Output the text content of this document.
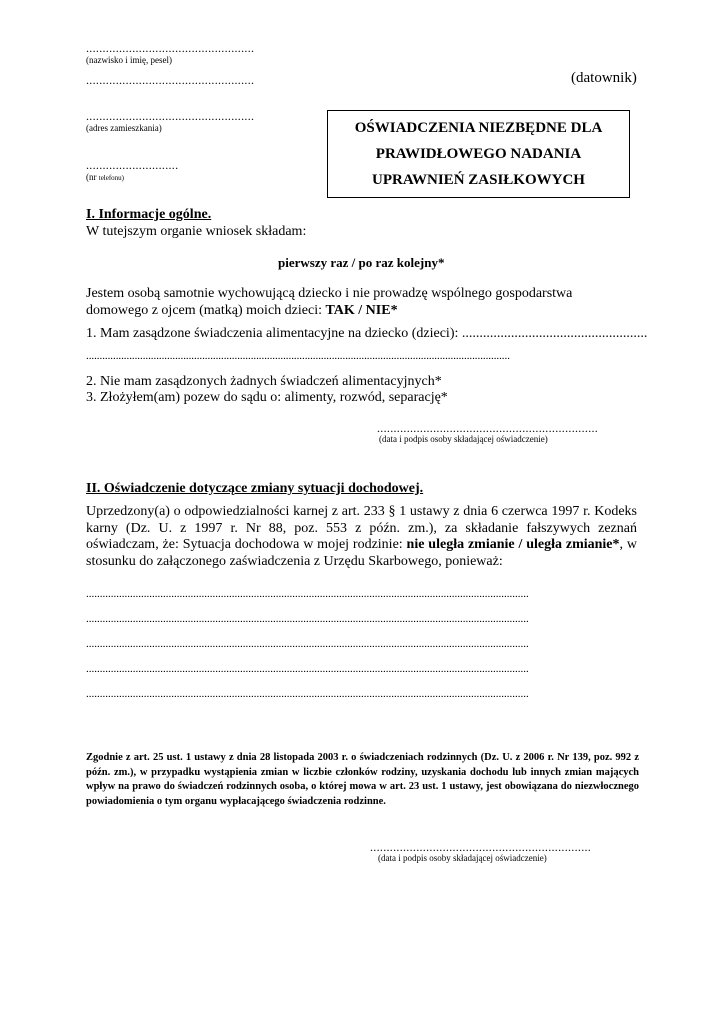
...................................................
(nazwisko i imię, pesel)
...................................................	(datownik)
...................................................
(adres zamieszkania)
............................
(nr telefonu)
OŚWIADCZENIA NIEZBĘDNE DLA
PRAWIDŁOWEGO NADANIA
UPRAWNIEŃ ZASIŁKOWYCH
I. Informacje ogólne.
W tutejszym organie wniosek składam:
pierwszy raz / po raz kolejny*
Jestem osobą samotnie wychowującą dziecko i nie prowadzę wspólnego gospodarstwa domowego z ojcem (matką) moich dzieci: TAK / NIE*
1. Mam zasądzone świadczenia alimentacyjne na dziecko (dzieci): .....................................................
.............................................................................................................................................................
2. Nie mam zasądzonych żadnych świadczeń alimentacyjnych*
3. Złożyłem(am) pozew do sądu o: alimenty, rozwód, separację*
...................................................................
(data i podpis osoby składającej oświadczenie)
II. Oświadczenie dotyczące zmiany sytuacji dochodowej.
Uprzedzony(a) o odpowiedzialności karnej z art. 233 § 1 ustawy z dnia 6 czerwca 1997 r. Kodeks karny (Dz. U. z 1997 r. Nr 88, poz. 553 z późn. zm.), za składanie fałszywych zeznań oświadczam, że: Sytuacja dochodowa w mojej rodzinie: nie uległa zmianie / uległa zmianie*, w stosunku do załączonego zaświadczenia z Urzędu Skarbowego, ponieważ:
.................................................................................................................................................................
.................................................................................................................................................................
.................................................................................................................................................................
.................................................................................................................................................................
.................................................................................................................................................................
Zgodnie z art. 25 ust. 1 ustawy z dnia 28 listopada 2003 r. o świadczeniach rodzinnych (Dz. U. z 2006 r. Nr 139, poz. 992 z późn. zm.), w przypadku wystąpienia zmian w liczbie członków rodziny, uzyskania dochodu lub innych zmian mających wpływ na prawo do świadczeń rodzinnych osoba, o której mowa w art. 23 ust. 1 ustawy, jest obowiązana do niezwłocznego powiadomienia o tym organu wypłacającego świadczenia rodzinne.
...................................................................
(data i podpis osoby składającej oświadczenie)
